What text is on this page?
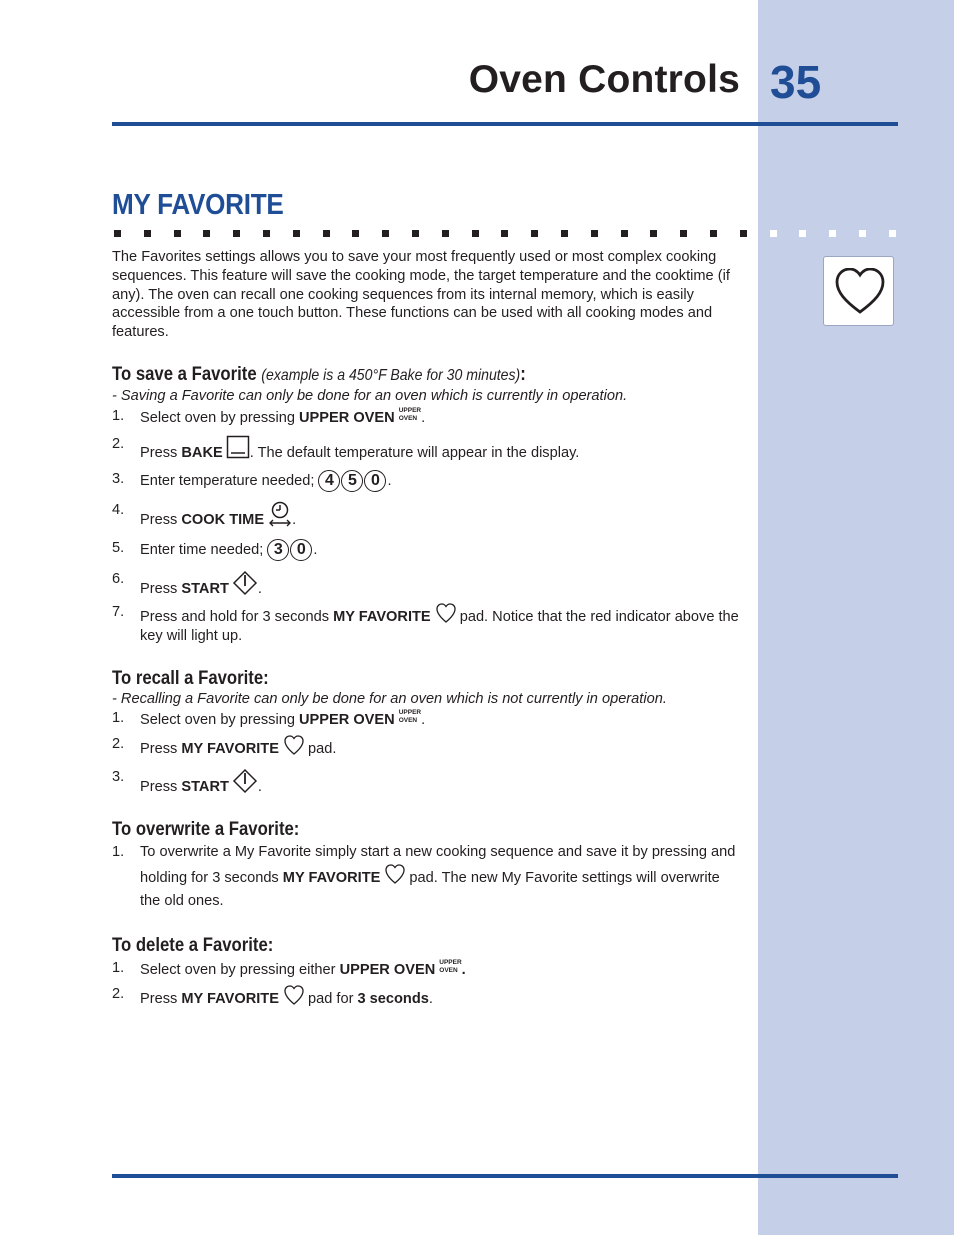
Oven Controls 35
MY FAVORITE

The Favorites settings allows you to save your most frequently used or most complex cooking sequences. This feature will save the cooking mode, the target temperature and the cooktime (if any). The oven can recall one cooking sequences from its internal memory, which is easily accessible from a one touch button. These functions can be used with all cooking modes and features.

To save a Favorite (example is a 450°F Bake for 30 minutes):

- Saving a Favorite can only be done for an oven which is currently in operation.

1. Select oven by pressing UPPER OVEN UPPER
OVEN .
2.
Press BAKE . The default temperature will appear in the display.
3. Enter temperature needed; 4 5 0 .
4.
Press COOK TIME .
5. Enter time needed; 3 0 .
6.
Press START .
7. Press and hold for 3 seconds MY FAVORITE pad. Notice that the red indicator above the key will light up.
To recall a Favorite:

- Recalling a Favorite can only be done for an oven which is not currently in operation.

1. Select oven by pressing UPPER OVEN UPPER
OVEN .
2. Press MY FAVORITE pad.
3.
Press START .
To overwrite a Favorite:
1. To overwrite a My Favorite simply start a new cooking sequence and save it by pressing and holding for 3 seconds MY FAVORITE pad. The new My Favorite settings will overwrite the old ones.
To delete a Favorite:
1. Select oven by pressing either UPPER OVEN UPPER
OVEN .
2. Press MY FAVORITE pad for 3 seconds.
